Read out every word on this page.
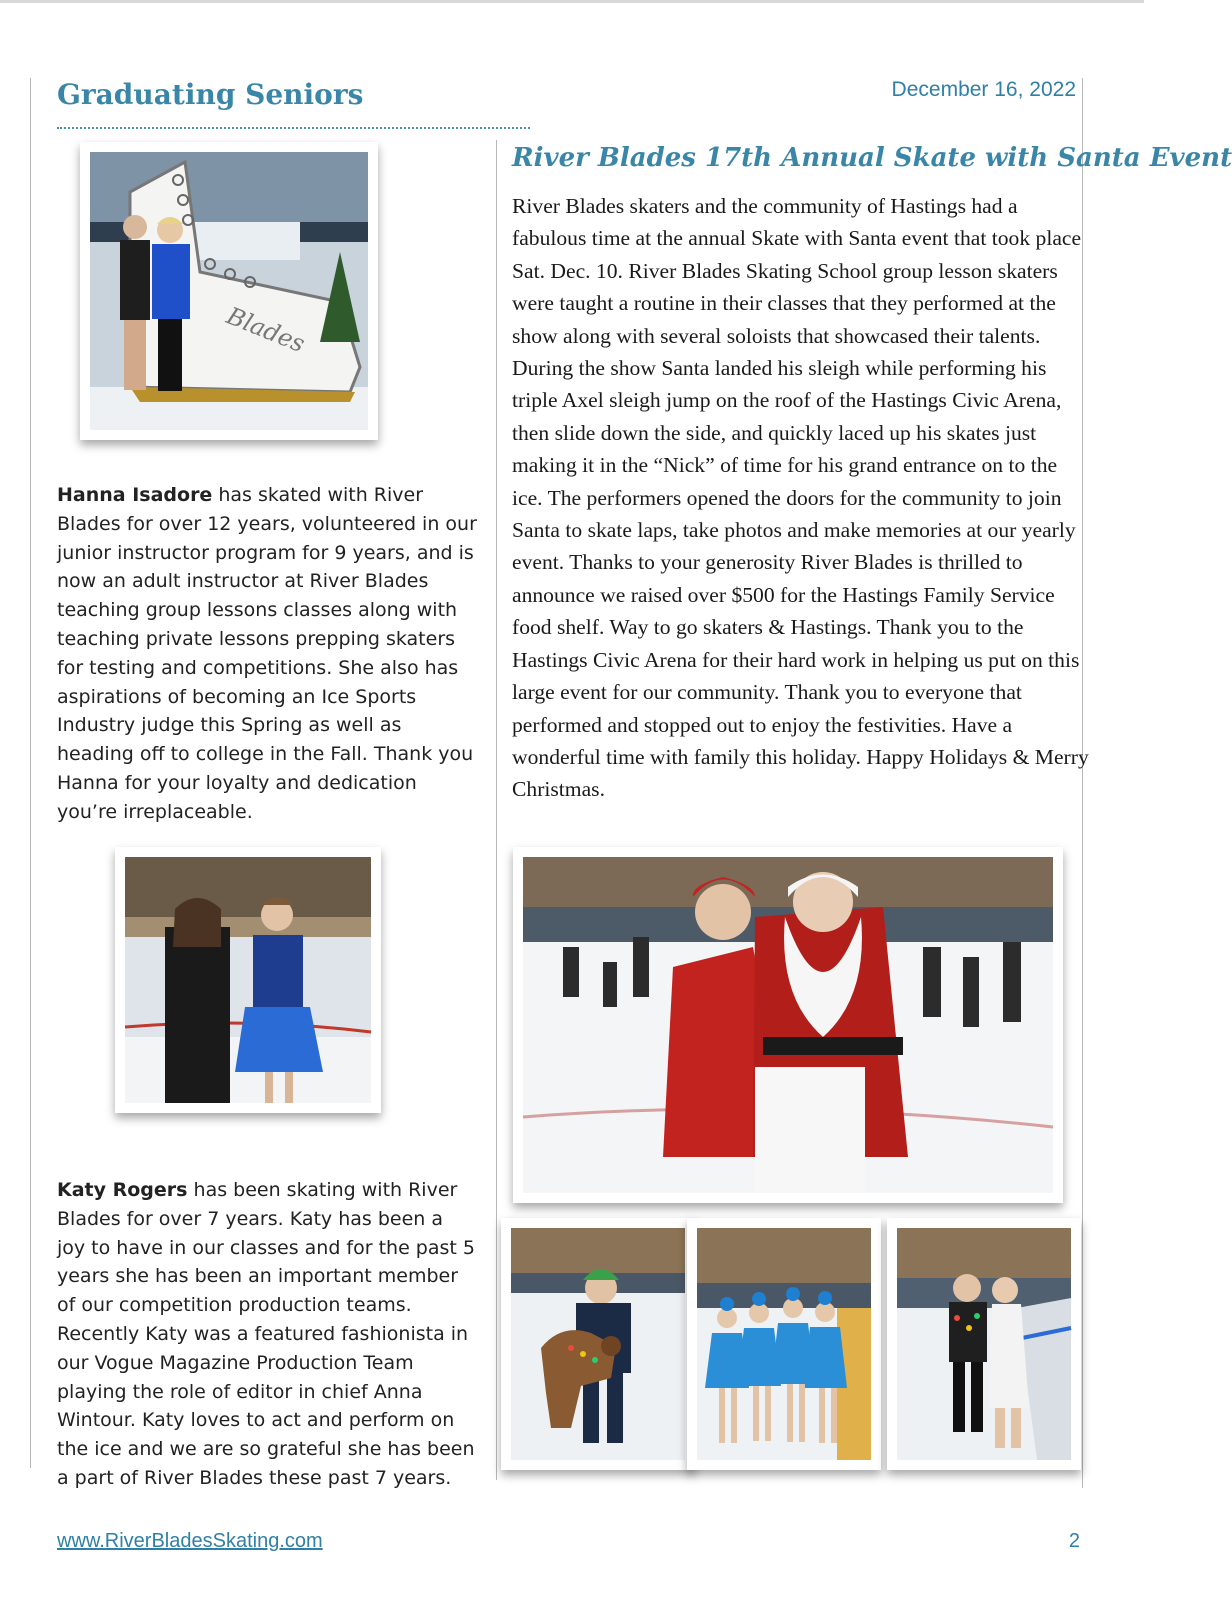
Graduating Seniors	December 16, 2022
Blades

Hanna Isadore has skated with River Blades for over 12 years, volunteered in our junior instructor program for 9 years, and is now an adult instructor at River Blades teaching group lessons classes along with teaching private lessons prepping skaters for testing and competitions. She also has aspirations of becoming an Ice Sports Industry judge this Spring as well as heading off to college in the Fall. Thank you Hanna for your loyalty and dedication you’re irreplaceable.

Katy Rogers has been skating with River Blades for over 7 years. Katy has been a joy to have in our classes and for the past 5 years she has been an important member of our competition production teams. Recently Katy was a featured fashionista in our Vogue Magazine Production Team playing the role of editor in chief Anna Wintour. Katy loves to act and perform on the ice and we are so grateful she has been a part of River Blades these past 7 years.

River Blades 17th Annual Skate with Santa Event

River Blades skaters and the community of Hastings had a fabulous time at the annual Skate with Santa event that took place Sat. Dec. 10. River Blades Skating School group lesson skaters were taught a routine in their classes that they performed at the show along with several soloists that showcased their talents. During the show Santa landed his sleigh while performing his triple Axel sleigh jump on the roof of the Hastings Civic Arena, then slide down the side, and quickly laced up his skates just making it in the “Nick” of time for his grand entrance on to the ice. The performers opened the doors for the community to join Santa to skate laps, take photos and make memories at our yearly event. Thanks to your generosity River Blades is thrilled to announce we raised over $500 for the Hastings Family Service food shelf. Way to go skaters & Hastings. Thank you to the Hastings Civic Arena for their hard work in helping us put on this large event for our community. Thank you to everyone that performed and stopped out to enjoy the festivities. Have a wonderful time with family this holiday. Happy Holidays & Merry Christmas.

www.RiverBladesSkating.com	2
